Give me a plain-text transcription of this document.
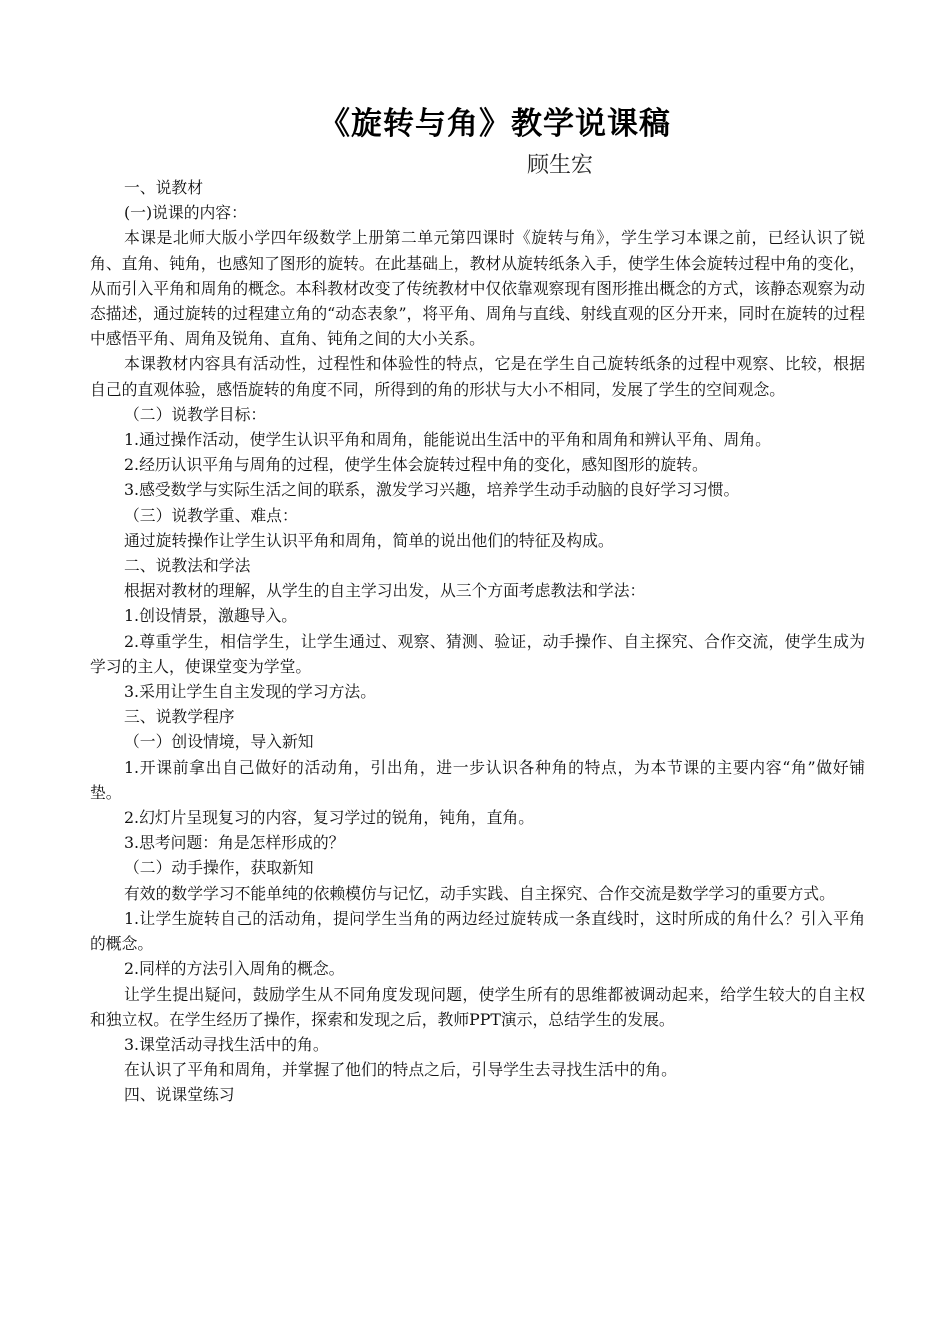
《旋转与角》教学说课稿
顾生宏

一、说教材

(一)说课的内容：

本课是北师大版小学四年级数学上册第二单元第四课时《旋转与角》，学生学习本课之前，已经认识了锐角、直角、钝角，也感知了图形的旋转。在此基础上，教材从旋转纸条入手，使学生体会旋转过程中角的变化，从而引入平角和周角的概念。本科教材改变了传统教材中仅依靠观察现有图形推出概念的方式，该静态观察为动态描述，通过旋转的过程建立角的“动态表象”，将平角、周角与直线、射线直观的区分开来，同时在旋转的过程中感悟平角、周角及锐角、直角、钝角之间的大小关系。

本课教材内容具有活动性，过程性和体验性的特点，它是在学生自己旋转纸条的过程中观察、比较，根据自己的直观体验，感悟旋转的角度不同，所得到的角的形状与大小不相同，发展了学生的空间观念。

（二）说教学目标：

1.通过操作活动，使学生认识平角和周角，能能说出生活中的平角和周角和辨认平角、周角。

2.经历认识平角与周角的过程，使学生体会旋转过程中角的变化，感知图形的旋转。

3.感受数学与实际生活之间的联系，激发学习兴趣，培养学生动手动脑的良好学习习惯。

（三）说教学重、难点：

通过旋转操作让学生认识平角和周角，简单的说出他们的特征及构成。

二、说教法和学法

根据对教材的理解，从学生的自主学习出发，从三个方面考虑教法和学法：

1.创设情景，激趣导入。

2.尊重学生，相信学生，让学生通过、观察、猜测、验证，动手操作、自主探究、合作交流，使学生成为学习的主人，使课堂变为学堂。

3.采用让学生自主发现的学习方法。

三、说教学程序

（一）创设情境，导入新知

1.开课前拿出自己做好的活动角，引出角，进一步认识各种角的特点，为本节课的主要内容“角”做好铺垫。

2.幻灯片呈现复习的内容，复习学过的锐角，钝角，直角。

3.思考问题：角是怎样形成的？

（二）动手操作，获取新知

有效的数学学习不能单纯的依赖模仿与记忆，动手实践、自主探究、合作交流是数学学习的重要方式。

1.让学生旋转自己的活动角，提问学生当角的两边经过旋转成一条直线时，这时所成的角什么？引入平角的概念。

2.同样的方法引入周角的概念。

让学生提出疑问，鼓励学生从不同角度发现问题，使学生所有的思维都被调动起来，给学生较大的自主权和独立权。在学生经历了操作，探索和发现之后，教师PPT演示，总结学生的发展。

3.课堂活动寻找生活中的角。

在认识了平角和周角，并掌握了他们的特点之后，引导学生去寻找生活中的角。

四、说课堂练习
